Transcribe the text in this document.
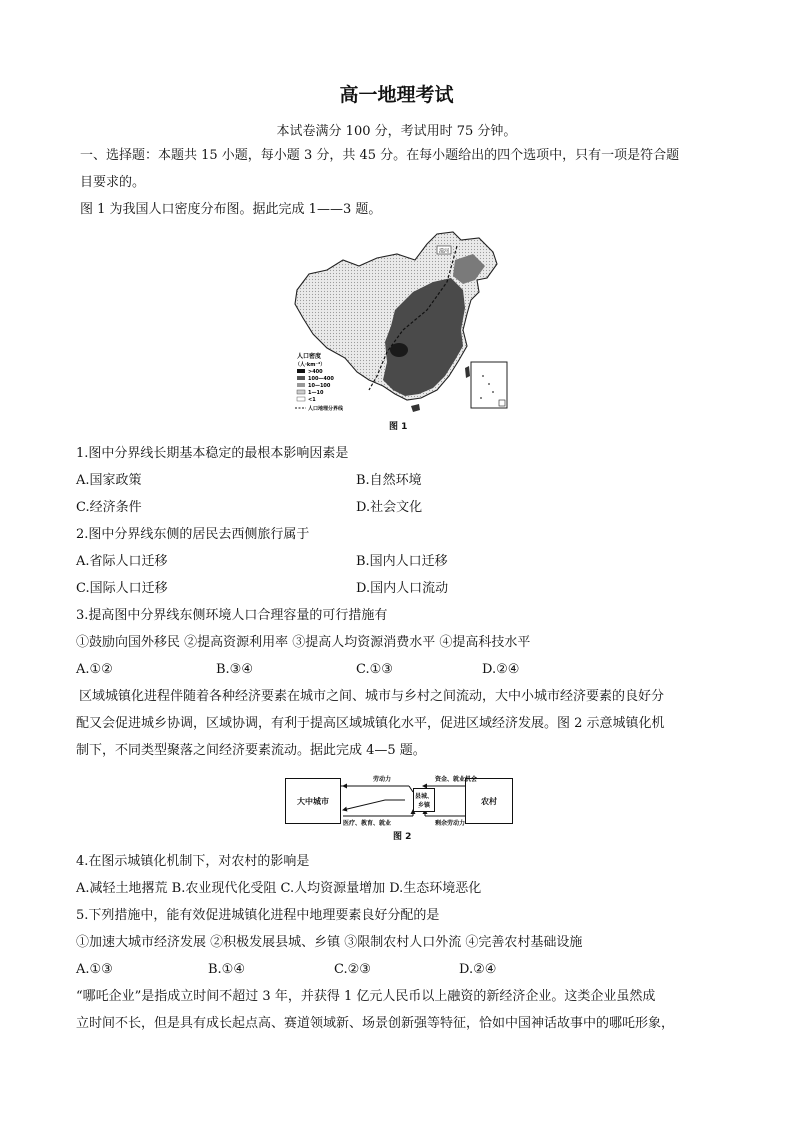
高一地理考试
本试卷满分 100 分，考试用时 75 分钟。
一、选择题：本题共 15 小题，每小题 3 分，共 45 分。在每小题给出的四个选项中，只有一项是符合题
目要求的。
图 1 为我国人口密度分布图。据此完成 1——3 题。
漠河
人口密度
（人·km⁻²）
>400
100—400
10—100
1—10
<1
人口地理分界线
图 1
1.图中分界线长期基本稳定的最根本影响因素是
A.国家政策	B.自然环境
C.经济条件	D.社会文化
2.图中分界线东侧的居民去西侧旅行属于
A.省际人口迁移	B.国内人口迁移
C.国际人口迁移	D.国内人口流动
3.提高图中分界线东侧环境人口合理容量的可行措施有
①鼓励向国外移民 ②提高资源利用率 ③提高人均资源消费水平 ④提高科技水平
A.①②	B.③④	C.①③	D.②④
区域城镇化进程伴随着各种经济要素在城市之间、城市与乡村之间流动，大中小城市经济要素的良好分
配又会促进城乡协调，区域协调，有利于提高区域城镇化水平，促进区域经济发展。图 2 示意城镇化机
制下，不同类型聚落之间经济要素流动。据此完成 4—5 题。
大中城市	县城、乡镇	农村
劳动力	资金、就业机会
医疗、教育、就业	剩余劳动力
图 2
4.在图示城镇化机制下，对农村的影响是
A.减轻土地撂荒 B.农业现代化受阻 C.人均资源量增加 D.生态环境恶化
5.下列措施中，能有效促进城镇化进程中地理要素良好分配的是
①加速大城市经济发展 ②积极发展县城、乡镇 ③限制农村人口外流 ④完善农村基础设施
A.①③	B.①④	C.②③	D.②④
“哪吒企业”是指成立时间不超过 3 年，并获得 1 亿元人民币以上融资的新经济企业。这类企业虽然成
立时间不长，但是具有成长起点高、赛道领域新、场景创新强等特征，恰如中国神话故事中的哪吒形象，
